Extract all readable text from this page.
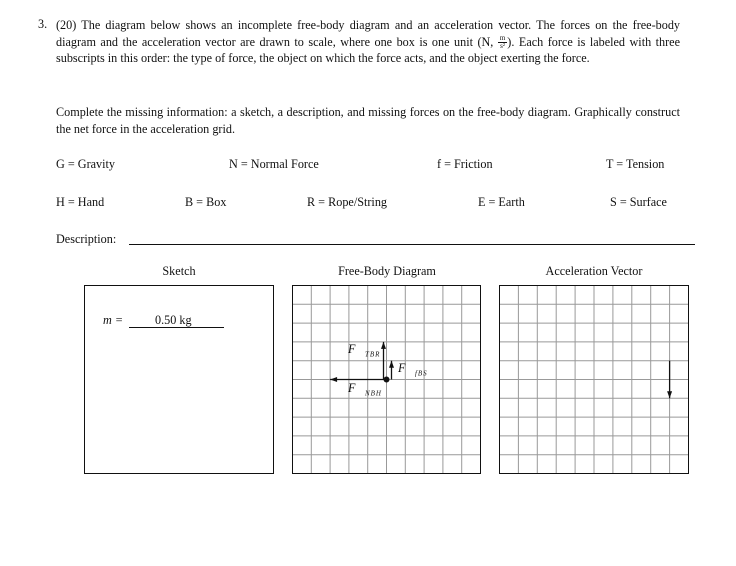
3. (20) The diagram below shows an incomplete free-body diagram and an acceleration vector. The forces on the free-body diagram and the acceleration vector are drawn to scale, where one box is one unit (N, $\frac{m}{\text{s²}}$ ). Each force is labeled with three subscripts in this order: the type of force, the object on which the force acts, and the object exerting the force.
Complete the missing information: a sketch, a description, and missing forces on the free-body diagram. Graphically construct the net force in the acceleration grid.
G = Gravity	N = Normal Force	f = Friction	T = Tension
H = Hand	B = Box	R = Rope/String	E = Earth	S = Surface
Description:
Sketch	Free-Body Diagram	Acceleration Vector
m =	0.50 kg
$F⃗_{TBR}$
$F⃗_{fBS}$
$F⃗_{NBH}$
